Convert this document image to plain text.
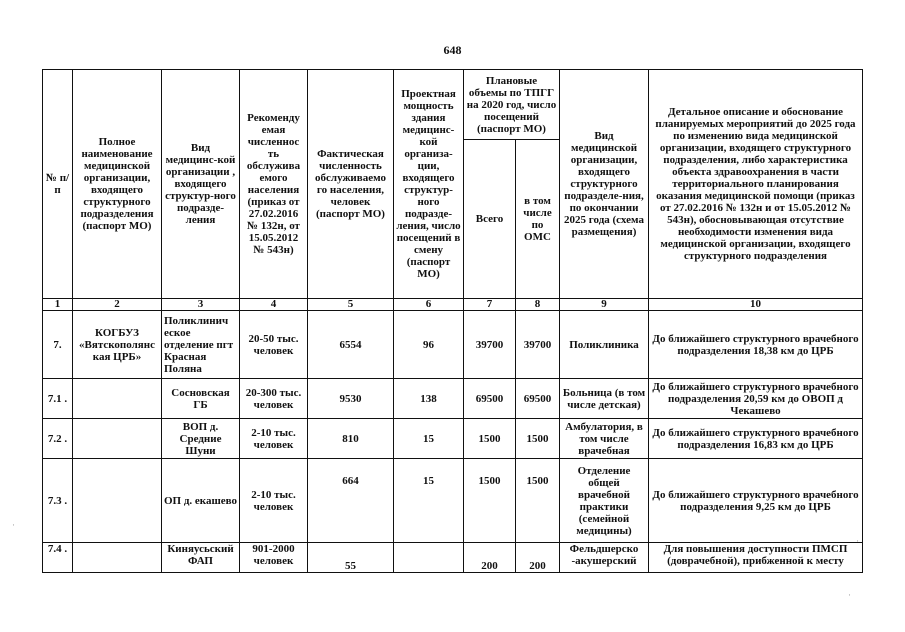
648
№ п/п	Полное наименование медицинской организации, входящего структурного подразделения (паспорт МО)	Вид медицинс-кой организации , входящего структур-ного подразде-ления	Рекоменду емая численнос ть обслужива емого населения (приказ от 27.02.2016 № 132н, от 15.05.2012 № 543н)	Фактическая численность обслуживаемо го населения, человек (паспорт МО)	Проектная мощность здания медицинс-кой организа-ции, входящего структур-ного подразде-ления, число посещений в смену (паспорт МО)	Плановые объемы по ТПГГ на 2020 год, число посещений (паспорт МО)		Вид медицинской организации, входящего структурного подразделе-ния, по окончании 2025 года (схема размещения)	Детальное описание и обоснование планируемых мероприятий до 2025 года по изменению вида медицинской организации, входящего структурного подразделения, либо характеристика объекта здравоохранения в части территориального планирования оказания медицинской помощи (приказ от 27.02.2016 № 132н и от 15.05.2012 № 543н), обосновывающая отсутствие необходимости изменения вида медицинской организации, входящего структурного подразделения
						Всего	в том числе по ОМС		
1	2	3	4	5	6	7	8	9	10
7.	КОГБУЗ «Вятскополянс кая ЦРБ»	Поликлинич еское отделение пгт Красная Поляна	20-50 тыс. человек	6554	96	39700	39700	Поликлиника	До ближайшего структурного врачебного подразделения 18,38 км до ЦРБ
7.1 .		Сосновская ГБ	20-300 тыс. человек	9530	138	69500	69500	Больница (в том числе детская)	До ближайшего структурного врачебного подразделения 20,59 км до ОВОП д Чекашево
7.2 .		ВОП д. Средние Шуни	2-10 тыс. человек	810	15	1500	1500	Амбулатория, в том числе врачебная	До ближайшего структурного врачебного подразделения 16,83 км до ЦРБ
7.3 .		ОП д. екашево	2-10 тыс. человек	664	15	1500	1500	Отделение общей врачебной практики (семейной медицины)	До ближайшего структурного врачебного подразделения 9,25 км до ЦРБ
7.4 .		Киняусьский ФАП	901-2000 человек	55		200	200	Фельдшерско -акушерский	Для повышения доступности ПМСП (доврачебной), прибженной к месту
·
·
·
